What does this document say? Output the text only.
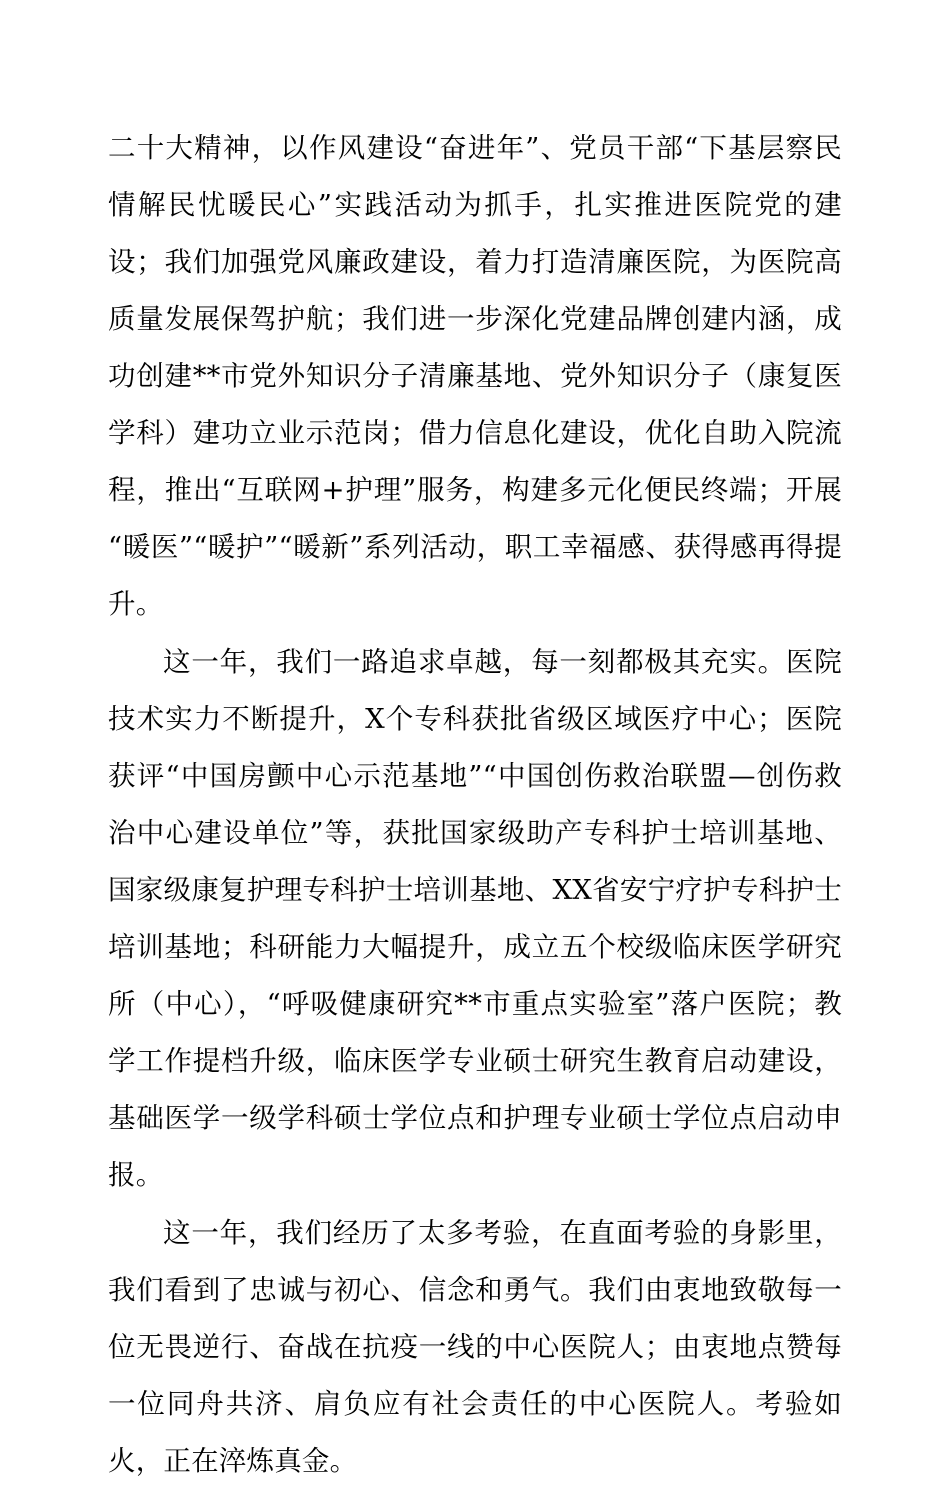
二十大精神，以作风建设“奋进年”、党员干部“下基层察民情解民忧暖民心”实践活动为抓手，扎实推进医院党的建设；我们加强党风廉政建设，着力打造清廉医院，为医院高质量发展保驾护航；我们进一步深化党建品牌创建内涵，成功创建**市党外知识分子清廉基地、党外知识分子（康复医学科）建功立业示范岗；借力信息化建设，优化自助入院流程，推出“互联网+护理”服务，构建多元化便民终端；开展“暖医”“暖护”“暖新”系列活动，职工幸福感、获得感再得提升。

这一年，我们一路追求卓越，每一刻都极其充实。医院技术实力不断提升，X个专科获批省级区域医疗中心；医院获评“中国房颤中心示范基地”“中国创伤救治联盟—创伤救治中心建设单位”等，获批国家级助产专科护士培训基地、国家级康复护理专科护士培训基地、XX省安宁疗护专科护士培训基地；科研能力大幅提升，成立五个校级临床医学研究所（中心），“呼吸健康研究**市重点实验室”落户医院；教学工作提档升级，临床医学专业硕士研究生教育启动建设，基础医学一级学科硕士学位点和护理专业硕士学位点启动申报。

这一年，我们经历了太多考验，在直面考验的身影里，我们看到了忠诚与初心、信念和勇气。我们由衷地致敬每一位无畏逆行、奋战在抗疫一线的中心医院人；由衷地点赞每一位同舟共济、肩负应有社会责任的中心医院人。考验如火，正在淬炼真金。
